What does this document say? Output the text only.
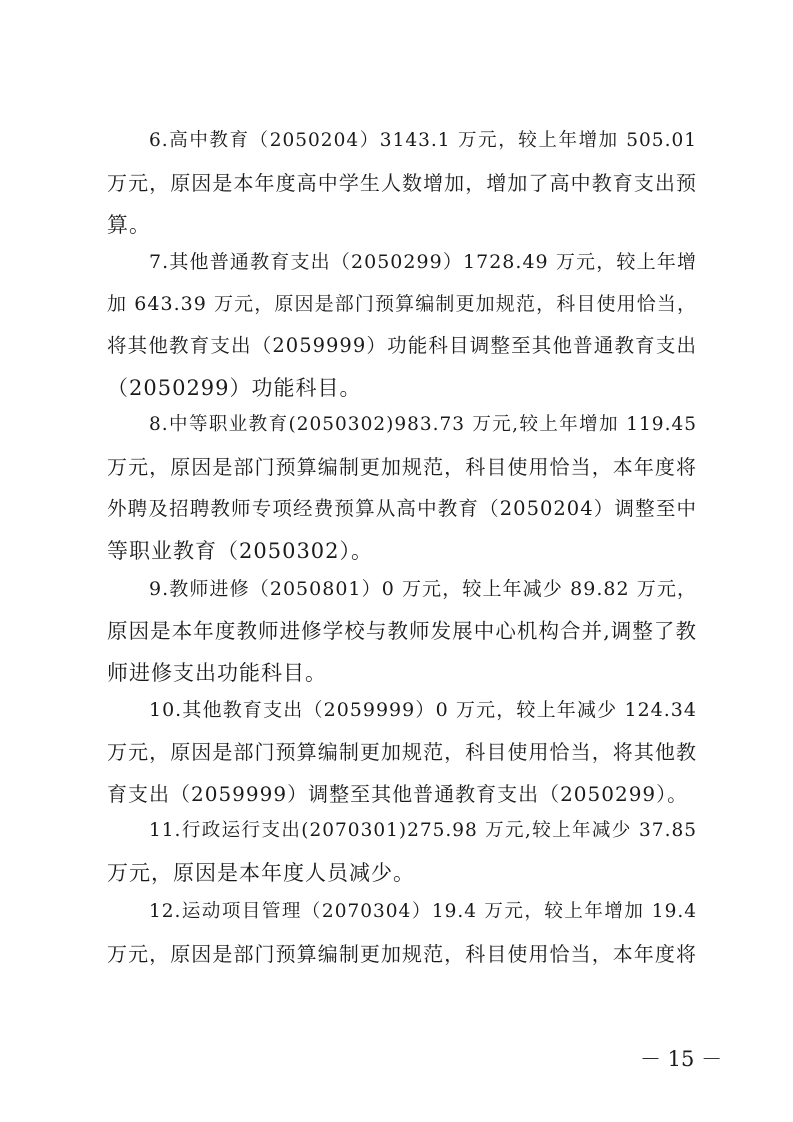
6.高中教育（2050204）3143.1 万元，较上年增加 505.01
万元，原因是本年度高中学生人数增加，增加了高中教育支出预
算。
7.其他普通教育支出（2050299）1728.49 万元，较上年增
加 643.39 万元，原因是部门预算编制更加规范，科目使用恰当，
将其他教育支出（2059999）功能科目调整至其他普通教育支出
（2050299）功能科目。
8.中等职业教育(2050302)983.73 万元,较上年增加 119.45
万元，原因是部门预算编制更加规范，科目使用恰当，本年度将
外聘及招聘教师专项经费预算从高中教育（2050204）调整至中
等职业教育（2050302）。
9.教师进修（2050801）0 万元，较上年减少 89.82 万元，
原因是本年度教师进修学校与教师发展中心机构合并,调整了教
师进修支出功能科目。
10.其他教育支出（2059999）0 万元，较上年减少 124.34
万元，原因是部门预算编制更加规范，科目使用恰当，将其他教
育支出（2059999）调整至其他普通教育支出（2050299）。
11.行政运行支出(2070301)275.98 万元,较上年减少 37.85
万元，原因是本年度人员减少。
12.运动项目管理（2070304）19.4 万元，较上年增加 19.4
万元，原因是部门预算编制更加规范，科目使用恰当，本年度将
－ 15 －
